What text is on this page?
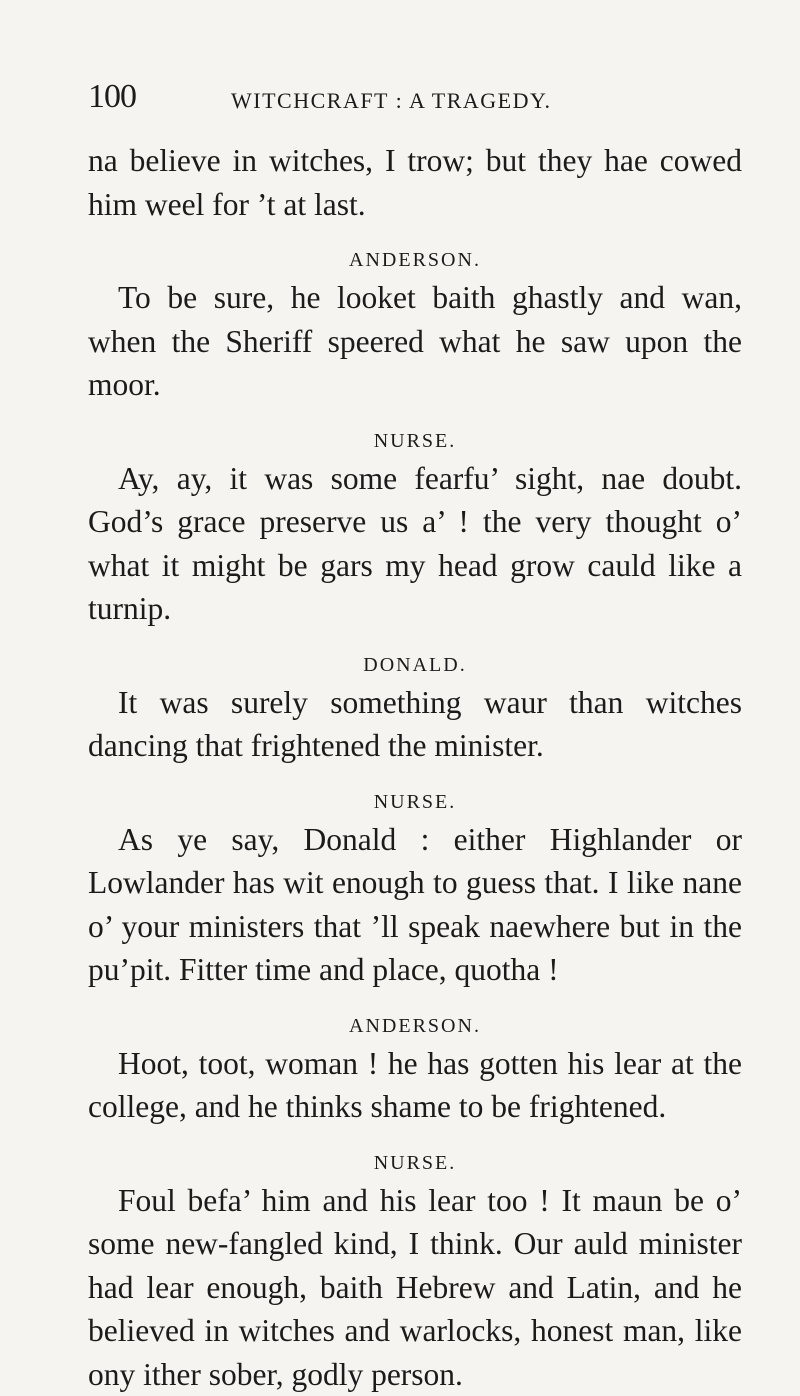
100	WITCHCRAFT : A TRAGEDY.

na believe in witches, I trow; but they hae cowed him weel for ’t at last.

ANDERSON.

To be sure, he looket baith ghastly and wan, when the Sheriff speered what he saw upon the moor.

NURSE.

Ay, ay, it was some fearfu’ sight, nae doubt. God’s grace preserve us a’ ! the very thought o’ what it might be gars my head grow cauld like a turnip.

DONALD.

It was surely something waur than witches dancing that frightened the minister.

NURSE.

As ye say, Donald : either Highlander or Lowlander has wit enough to guess that. I like nane o’ your ministers that ’ll speak naewhere but in the pu’pit. Fitter time and place, quotha !

ANDERSON.

Hoot, toot, woman ! he has gotten his lear at the college, and he thinks shame to be frightened.

NURSE.

Foul befa’ him and his lear too ! It maun be o’ some new-fangled kind, I think. Our auld minister had lear enough, baith Hebrew and Latin, and he believed in witches and warlocks, honest man, like ony ither sober, godly person.
